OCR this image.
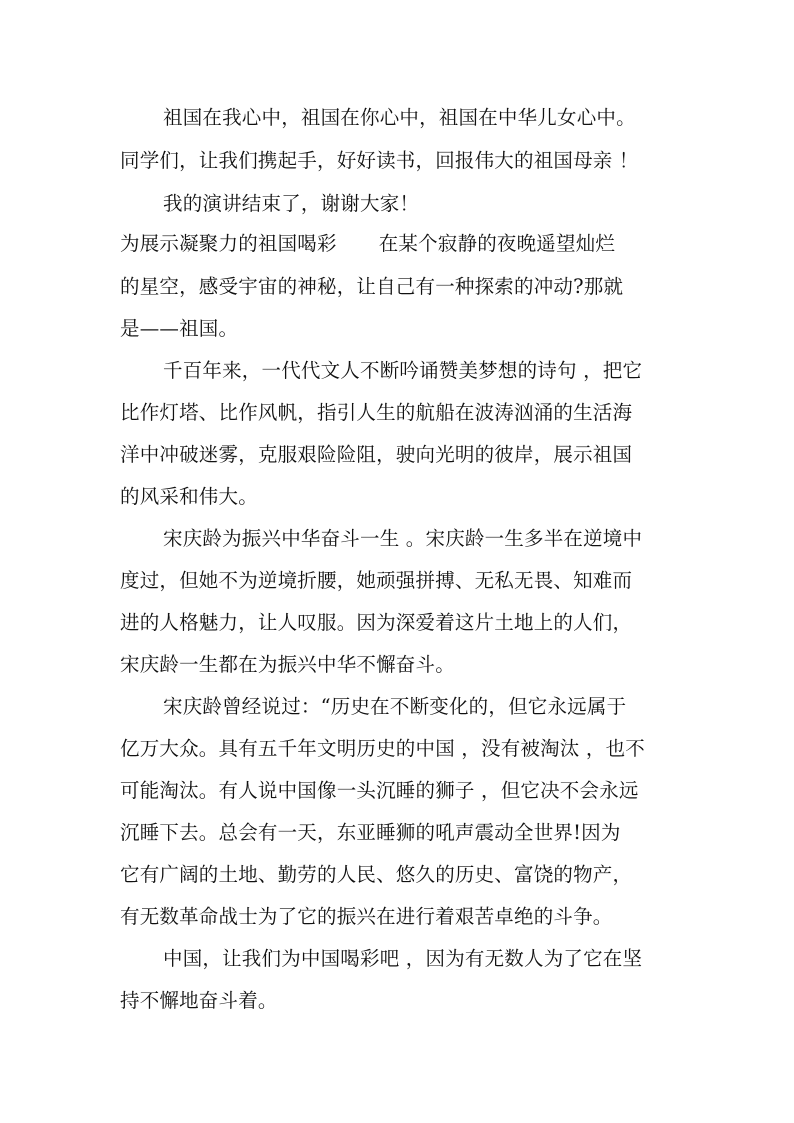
祖国在我心中，祖国在你心中，祖国在中华儿女心中。
同学们，让我们携起手，好好读书，回报伟大的祖国母亲 ！
我的演讲结束了，谢谢大家！
为展示凝聚力的祖国喝彩 在某个寂静的夜晚遥望灿烂
的星空，感受宇宙的神秘，让自己有一种探索的冲动?那就
是——祖国。
千百年来，一代代文人不断吟诵赞美梦想的诗句 ，把它
比作灯塔、比作风帆，指引人生的航船在波涛汹涌的生活海
洋中冲破迷雾，克服艰险险阻，驶向光明的彼岸，展示祖国
的风采和伟大。
宋庆龄为振兴中华奋斗一生 。宋庆龄一生多半在逆境中
度过，但她不为逆境折腰，她顽强拼搏、无私无畏、知难而
进的人格魅力，让人叹服。因为深爱着这片土地上的人们，
宋庆龄一生都在为振兴中华不懈奋斗。
宋庆龄曾经说过：“历史在不断变化的，但它永远属于
亿万大众。具有五千年文明历史的中国 ，没有被淘汰 ，也不
可能淘汰。有人说中国像一头沉睡的狮子 ，但它决不会永远
沉睡下去。总会有一天，东亚睡狮的吼声震动全世界!因为
它有广阔的土地、勤劳的人民、悠久的历史、富饶的物产，
有无数革命战士为了它的振兴在进行着艰苦卓绝的斗争。
中国，让我们为中国喝彩吧 ，因为有无数人为了它在坚
持不懈地奋斗着。
